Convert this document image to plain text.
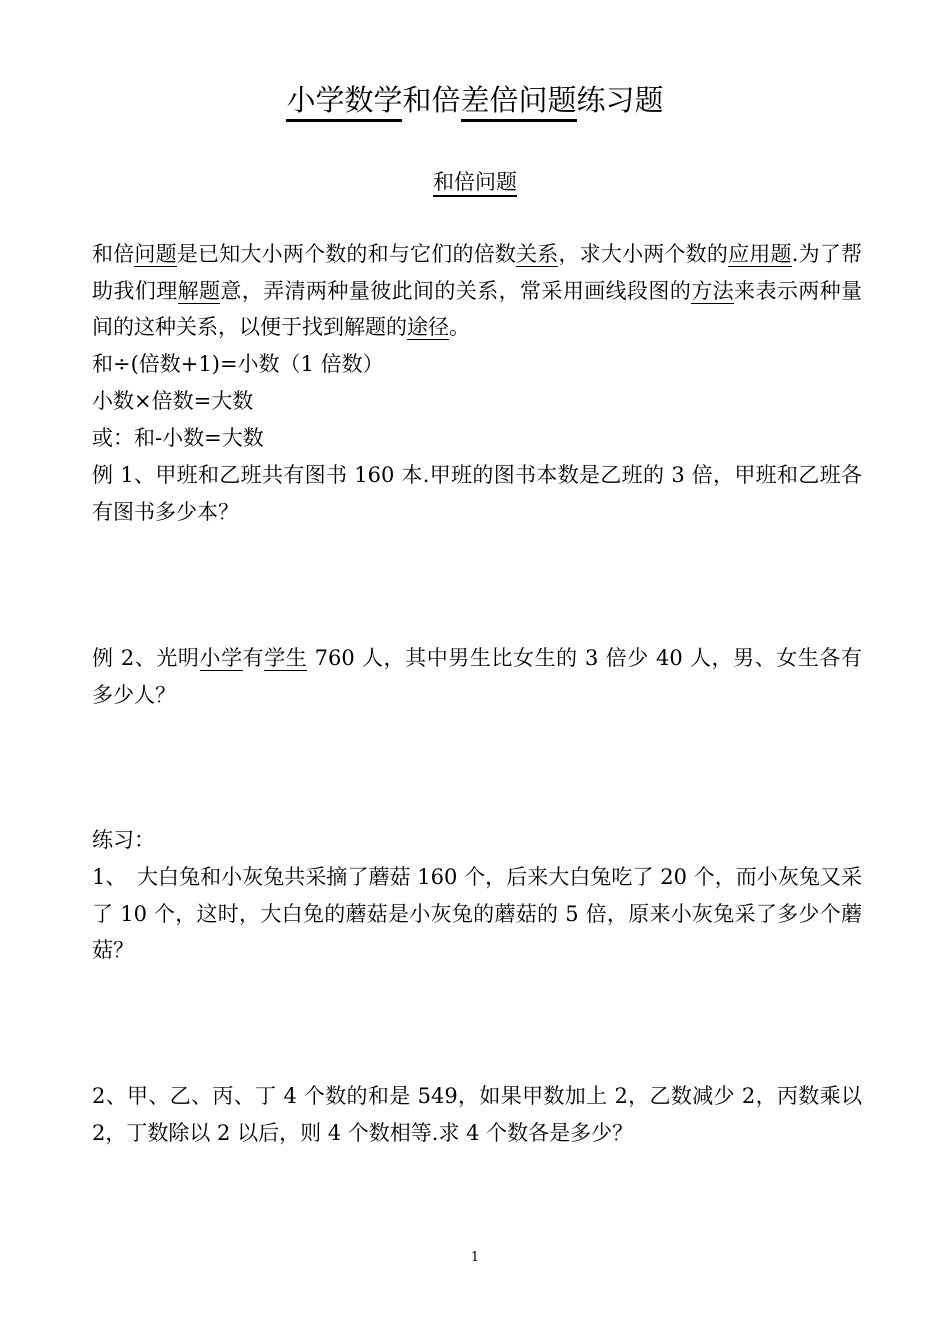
小学数学和倍差倍问题练习题
和倍问题
和倍问题是已知大小两个数的和与它们的倍数关系，求大小两个数的应用题.为了帮助我们理解题意，弄清两种量彼此间的关系，常采用画线段图的方法来表示两种量间的这种关系，以便于找到解题的途径。
和÷(倍数+1)=小数（1 倍数）
小数×倍数=大数
或：和-小数=大数
例 1、甲班和乙班共有图书 160 本.甲班的图书本数是乙班的 3 倍，甲班和乙班各有图书多少本？
例 2、光明小学有学生 760 人，其中男生比女生的 3 倍少 40 人，男、女生各有多少人？
练习：
1、　大白兔和小灰兔共采摘了蘑菇 160 个，后来大白兔吃了 20 个，而小灰兔又采了 10 个，这时，大白兔的蘑菇是小灰兔的蘑菇的 5 倍，原来小灰兔采了多少个蘑菇？
2、甲、乙、丙、丁 4 个数的和是 549，如果甲数加上 2，乙数减少 2，丙数乘以 2，丁数除以 2 以后，则 4 个数相等.求 4 个数各是多少？
1
